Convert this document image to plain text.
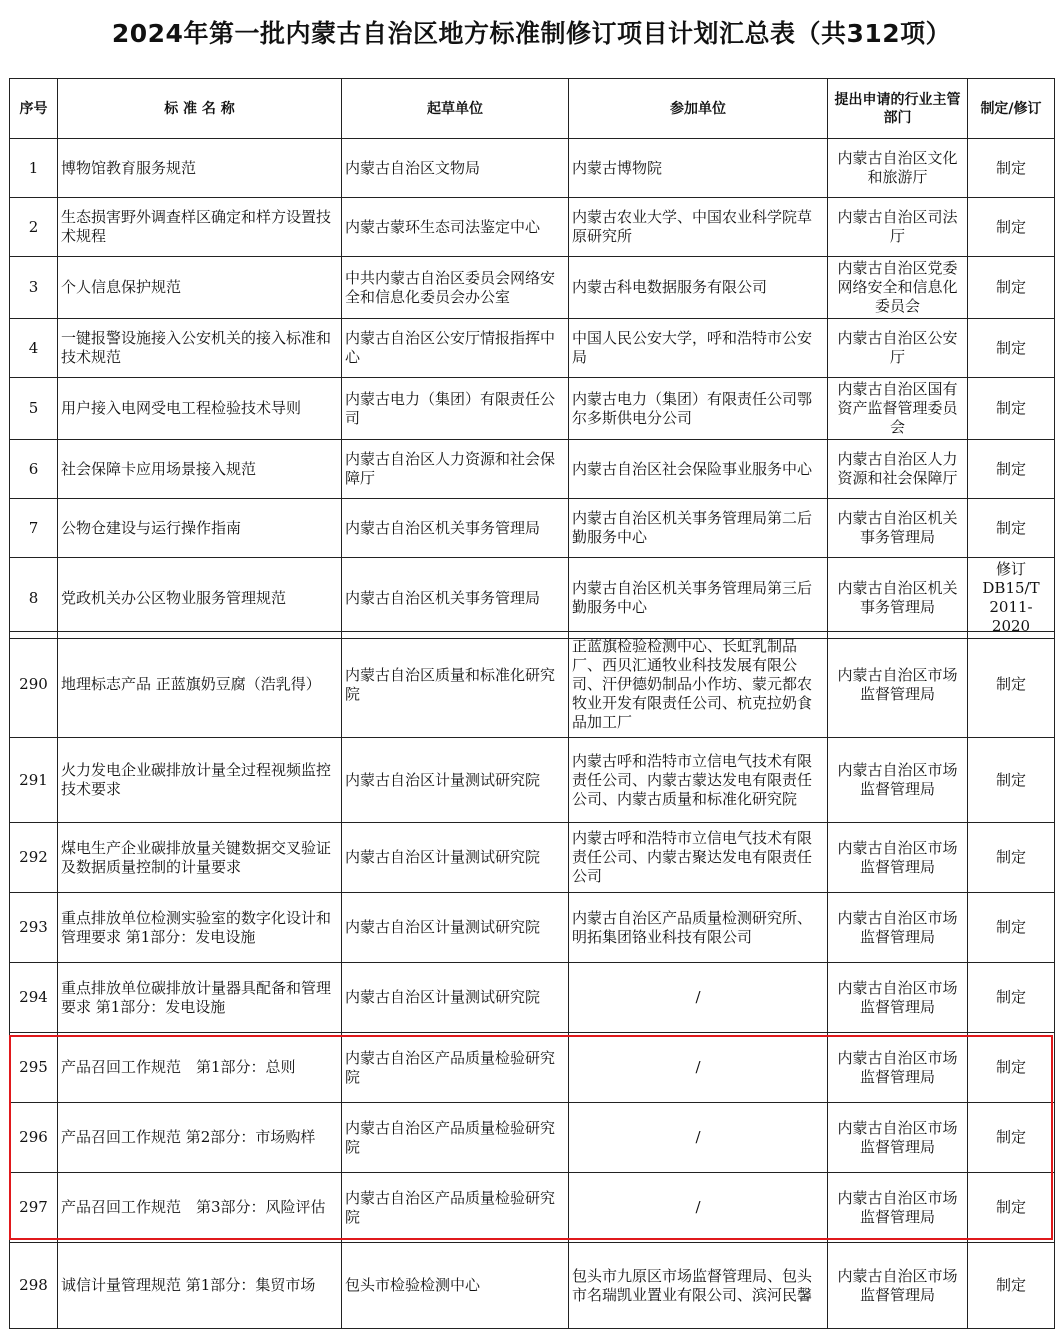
2024年第一批内蒙古自治区地方标准制修订项目计划汇总表（共312项）
序号	标 准 名 称	起草单位	参加单位	提出申请的行业主管部门	制定/修订
1	博物馆教育服务规范	内蒙古自治区文物局	内蒙古博物院	内蒙古自治区文化和旅游厅	制定
2	生态损害野外调查样区确定和样方设置技术规程	内蒙古蒙环生态司法鉴定中心	内蒙古农业大学、中国农业科学院草原研究所	内蒙古自治区司法厅	制定
3	个人信息保护规范	中共内蒙古自治区委员会网络安全和信息化委员会办公室	内蒙古科电数据服务有限公司	内蒙古自治区党委网络安全和信息化委员会	制定
4	一键报警设施接入公安机关的接入标准和技术规范	内蒙古自治区公安厅情报指挥中心	中国人民公安大学，呼和浩特市公安局	内蒙古自治区公安厅	制定
5	用户接入电网受电工程检验技术导则	内蒙古电力（集团）有限责任公司	内蒙古电力（集团）有限责任公司鄂尔多斯供电分公司	内蒙古自治区国有资产监督管理委员会	制定
6	社会保障卡应用场景接入规范	内蒙古自治区人力资源和社会保障厅	内蒙古自治区社会保险事业服务中心	内蒙古自治区人力资源和社会保障厅	制定
7	公物仓建设与运行操作指南	内蒙古自治区机关事务管理局	内蒙古自治区机关事务管理局第二后勤服务中心	内蒙古自治区机关事务管理局	制定
8	党政机关办公区物业服务管理规范	内蒙古自治区机关事务管理局	内蒙古自治区机关事务管理局第三后勤服务中心	内蒙古自治区机关事务管理局	修订DB15/T 2011-2020
290	地理标志产品 正蓝旗奶豆腐（浩乳得）	内蒙古自治区质量和标准化研究院	正蓝旗检验检测中心、长虹乳制品厂、西贝汇通牧业科技发展有限公司、汗伊德奶制品小作坊、蒙元都农牧业开发有限责任公司、杭克拉奶食品加工厂	内蒙古自治区市场监督管理局	制定
291	火力发电企业碳排放计量全过程视频监控技术要求	内蒙古自治区计量测试研究院	内蒙古呼和浩特市立信电气技术有限责任公司、内蒙古蒙达发电有限责任公司、内蒙古质量和标准化研究院	内蒙古自治区市场监督管理局	制定
292	煤电生产企业碳排放量关键数据交叉验证及数据质量控制的计量要求	内蒙古自治区计量测试研究院	内蒙古呼和浩特市立信电气技术有限责任公司、内蒙古聚达发电有限责任公司	内蒙古自治区市场监督管理局	制定
293	重点排放单位检测实验室的数字化设计和管理要求 第1部分：发电设施	内蒙古自治区计量测试研究院	内蒙古自治区产品质量检测研究所、明拓集团铬业科技有限公司	内蒙古自治区市场监督管理局	制定
294	重点排放单位碳排放计量器具配备和管理 要求 第1部分：发电设施	内蒙古自治区计量测试研究院	/	内蒙古自治区市场监督管理局	制定
295	产品召回工作规范　第1部分：总则	内蒙古自治区产品质量检验研究院	/	内蒙古自治区市场监督管理局	制定
296	产品召回工作规范 第2部分：市场购样	内蒙古自治区产品质量检验研究院	/	内蒙古自治区市场监督管理局	制定
297	产品召回工作规范　第3部分：风险评估	内蒙古自治区产品质量检验研究院	/	内蒙古自治区市场监督管理局	制定
298	诚信计量管理规范 第1部分：集贸市场	包头市检验检测中心	包头市九原区市场监督管理局、包头市名瑞凯业置业有限公司、滨河民馨	内蒙古自治区市场监督管理局	制定
